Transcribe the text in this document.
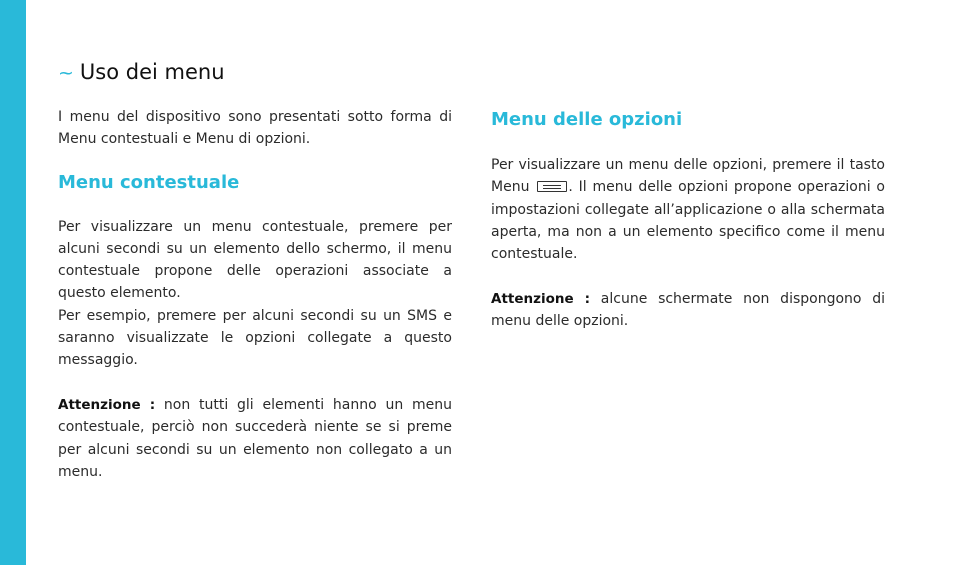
~ Uso dei menu

I menu del dispositivo sono presentati sotto forma di Menu contestuali e Menu di opzioni.

Menu contestuale

Per visualizzare un menu contestuale, premere per alcuni secondi su un elemento dello schermo, il menu contestuale propone delle operazioni associate a questo elemento.

Per esempio, premere per alcuni secondi su un SMS e saranno visualizzate le opzioni collegate a questo messaggio.

Attenzione : non tutti gli elementi hanno un menu contestuale, perciò non succederà niente se si preme per alcuni secondi su un elemento non collegato a un menu.

Menu delle opzioni

Per visualizzare un menu delle opzioni, premere il tasto Menu	. Il menu delle opzioni propone operazioni o impostazioni collegate all’applicazione o alla schermata aperta, ma non a un elemento specifico come il menu contestuale.

Attenzione : alcune schermate non dispongono di menu delle opzioni.
